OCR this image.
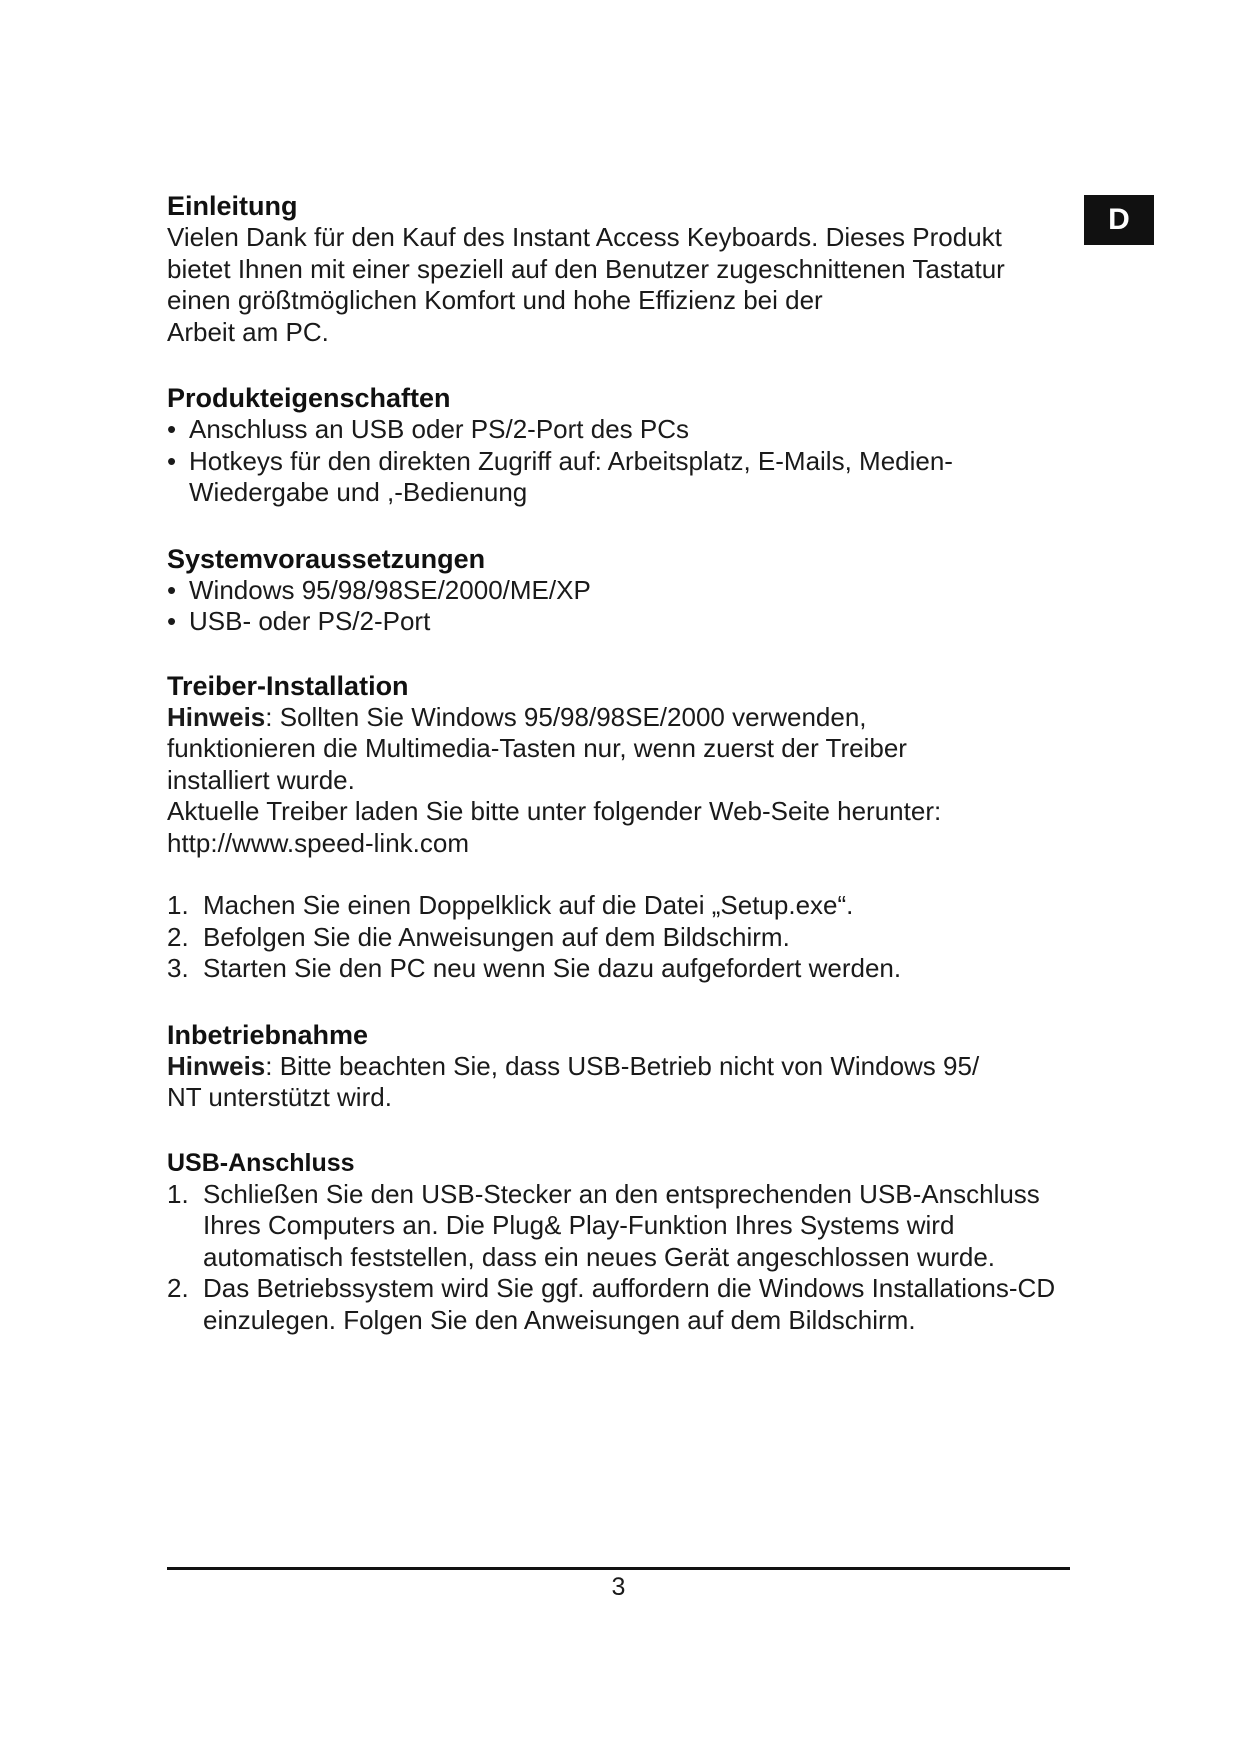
D
Einleitung

Vielen Dank für den Kauf des Instant Access Keyboards. Dieses Produkt

bietet Ihnen mit einer speziell auf den Benutzer zugeschnittenen Tastatur

einen größtmöglichen Komfort und hohe Effizienz bei der

Arbeit am PC.

Produkteigenschaften
• Anschluss an USB oder PS/2-Port des PCs
• Hotkeys für den direkten Zugriff auf: Arbeitsplatz, E-Mails, Medien-Wiedergabe und ,-Bedienung
Systemvoraussetzungen
• Windows 95/98/98SE/2000/ME/XP
• USB- oder PS/2-Port
Treiber-Installation

Hinweis: Sollten Sie Windows 95/98/98SE/2000 verwenden,

funktionieren die Multimedia-Tasten nur, wenn zuerst der Treiber

installiert wurde.

Aktuelle Treiber laden Sie bitte unter folgender Web-Seite herunter:

http://www.speed-link.com

1. Machen Sie einen Doppelklick auf die Datei „Setup.exe“.
2. Befolgen Sie die Anweisungen auf dem Bildschirm.
3. Starten Sie den PC neu wenn Sie dazu aufgefordert werden.
Inbetriebnahme

Hinweis: Bitte beachten Sie, dass USB-Betrieb nicht von Windows 95/

NT unterstützt wird.

USB-Anschluss
1. Schließen Sie den USB-Stecker an den entsprechenden USB-Anschluss Ihres Computers an. Die Plug& Play-Funktion Ihres Systems wird automatisch feststellen, dass ein neues Gerät angeschlossen wurde.
2. Das Betriebssystem wird Sie ggf. auffordern die Windows Installations-CD einzulegen. Folgen Sie den Anweisungen auf dem Bildschirm.
3
